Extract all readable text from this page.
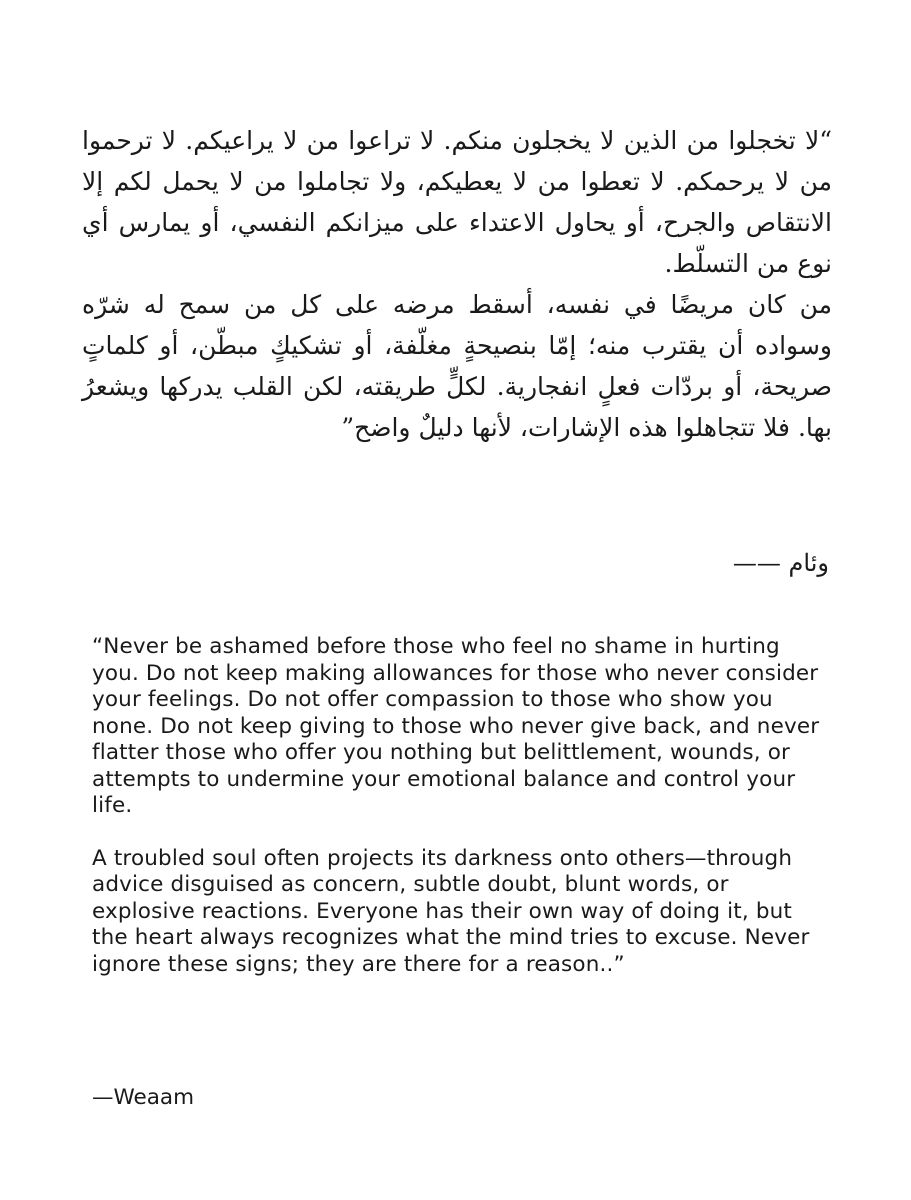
“لا تخجلوا من الذين لا يخجلون منكم. لا تراعوا من لا يراعيكم. لا ترحموا من لا يرحمكم. لا تعطوا من لا يعطيكم، ولا تجاملوا من لا يحمل لكم إلا الانتقاص والجرح، أو يحاول الاعتداء على ميزانكم النفسي، أو يمارس أي نوع من التسلّط.

من كان مريضًا في نفسه، أسقط مرضه على كل من سمح له شرّه وسواده أن يقترب منه؛ إمّا بنصيحةٍ مغلّفة، أو تشكيكٍ مبطّن، أو كلماتٍ صريحة، أو بردّات فعلٍ انفجارية. لكلٍّ طريقته، لكن القلب يدركها ويشعرُ بها. فلا تتجاهلوا هذه الإشارات، لأنها دليلٌ واضح”

وئام ——

“Never be ashamed before those who feel no shame in hurting you. Do not keep making allowances for those who never consider your feelings. Do not offer compassion to those who show you none. Do not keep giving to those who never give back, and never flatter those who offer you nothing but belittlement, wounds, or attempts to undermine your emotional balance and control your life.

A troubled soul often projects its darkness onto others—through advice disguised as concern, subtle doubt, blunt words, or explosive reactions. Everyone has their own way of doing it, but the heart always recognizes what the mind tries to excuse. Never ignore these signs; they are there for a reason..”

—Weaam
